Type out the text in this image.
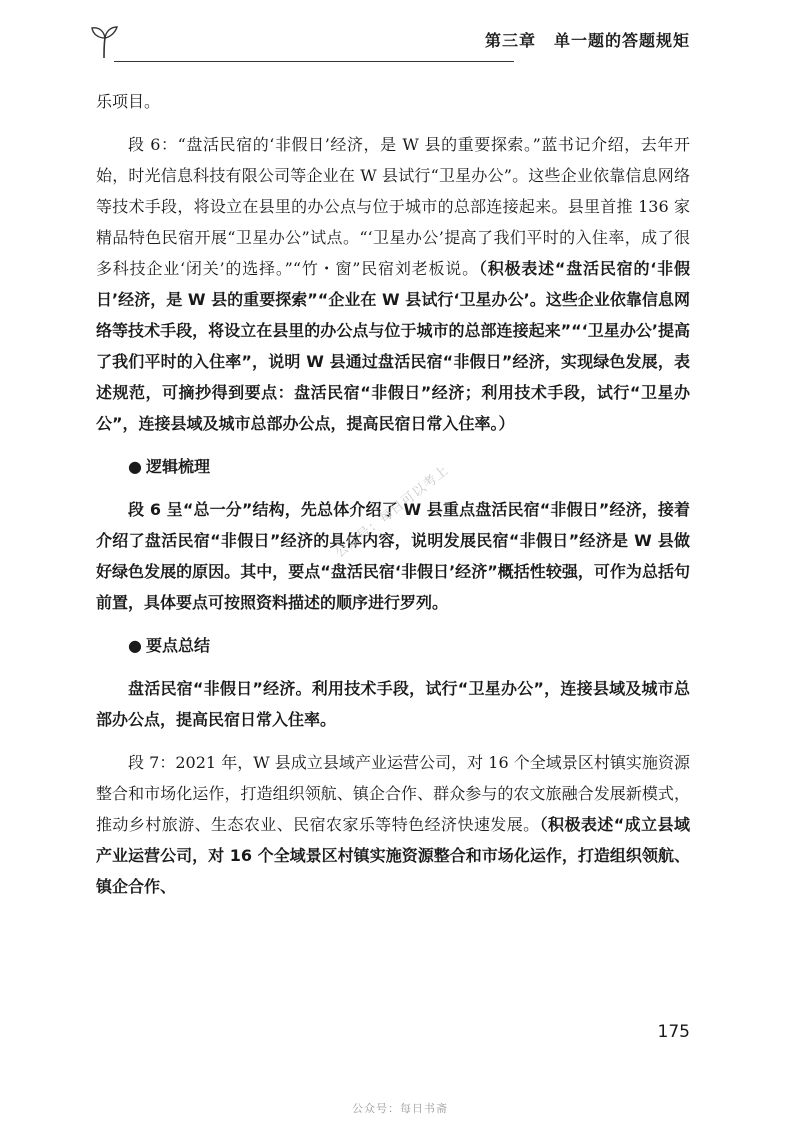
第三章 单一题的答题规矩

乐项目。

段 6：“盘活民宿的‘非假日’经济，是 W 县的重要探索。”蓝书记介绍，去年开始，时光信息科技有限公司等企业在 W 县试行“卫星办公”。这些企业依靠信息网络等技术手段，将设立在县里的办公点与位于城市的总部连接起来。县里首推 136 家精品特色民宿开展“卫星办公”试点。“‘卫星办公’提高了我们平时的入住率，成了很多科技企业‘闭关’的选择。”“竹・窗”民宿刘老板说。（积极表述“盘活民宿的‘非假日’经济，是 W 县的重要探索”“企业在 W 县试行‘卫星办公’。这些企业依靠信息网络等技术手段，将设立在县里的办公点与位于城市的总部连接起来”“‘卫星办公’提高了我们平时的入住率”，说明 W 县通过盘活民宿“非假日”经济，实现绿色发展，表述规范，可摘抄得到要点：盘活民宿“非假日”经济；利用技术手段，试行“卫星办公”，连接县域及城市总部办公点，提高民宿日常入住率。）

● 逻辑梳理

段 6 呈“总一分”结构，先总体介绍了 W 县重点盘活民宿“非假日”经济，接着介绍了盘活民宿“非假日”经济的具体内容，说明发展民宿“非假日”经济是 W 县做好绿色发展的原因。其中，要点“盘活民宿‘非假日’经济”概括性较强，可作为总括句前置，具体要点可按照资料描述的顺序进行罗列。

● 要点总结

盘活民宿“非假日”经济。利用技术手段，试行“卫星办公”，连接县域及城市总部办公点，提高民宿日常入住率。

段 7：2021 年，W 县成立县域产业运营公司，对 16 个全域景区村镇实施资源整合和市场化运作，打造组织领航、镇企合作、群众参与的农文旅融合发展新模式，推动乡村旅游、生态农业、民宿农家乐等特色经济快速发展。（积极表述“成立县域产业运营公司，对 16 个全域景区村镇实施资源整合和市场化运作，打造组织领航、镇企合作、

公众号：每日可以考上
175
公众号：每日书斋
